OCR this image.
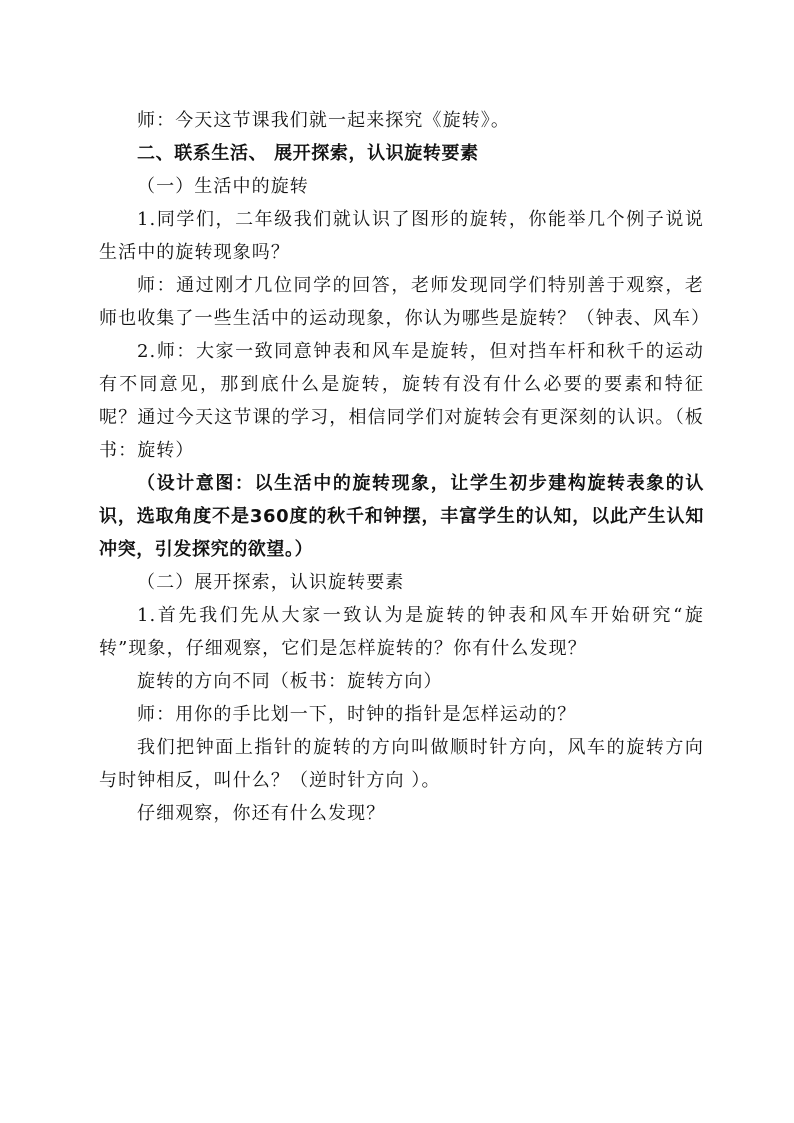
师：今天这节课我们就一起来探究《旋转》。

二、联系生活、 展开探索，认识旋转要素

（一）生活中的旋转

1.同学们，二年级我们就认识了图形的旋转，你能举几个例子说说生活中的旋转现象吗？

师：通过刚才几位同学的回答，老师发现同学们特别善于观察，老师也收集了一些生活中的运动现象，你认为哪些是旋转？（钟表、风车）

2.师：大家一致同意钟表和风车是旋转，但对挡车杆和秋千的运动有不同意见，那到底什么是旋转，旋转有没有什么必要的要素和特征呢？通过今天这节课的学习，相信同学们对旋转会有更深刻的认识。（板书：旋转）

（设计意图：以生活中的旋转现象，让学生初步建构旋转表象的认识，选取角度不是360度的秋千和钟摆，丰富学生的认知，以此产生认知冲突，引发探究的欲望。）

（二）展开探索，认识旋转要素

1.首先我们先从大家一致认为是旋转的钟表和风车开始研究“旋转”现象，仔细观察，它们是怎样旋转的？你有什么发现？

旋转的方向不同（板书：旋转方向）

师：用你的手比划一下，时钟的指针是怎样运动的？

我们把钟面上指针的旋转的方向叫做顺时针方向，风车的旋转方向与时钟相反，叫什么？（逆时针方向 ）。

仔细观察，你还有什么发现？
